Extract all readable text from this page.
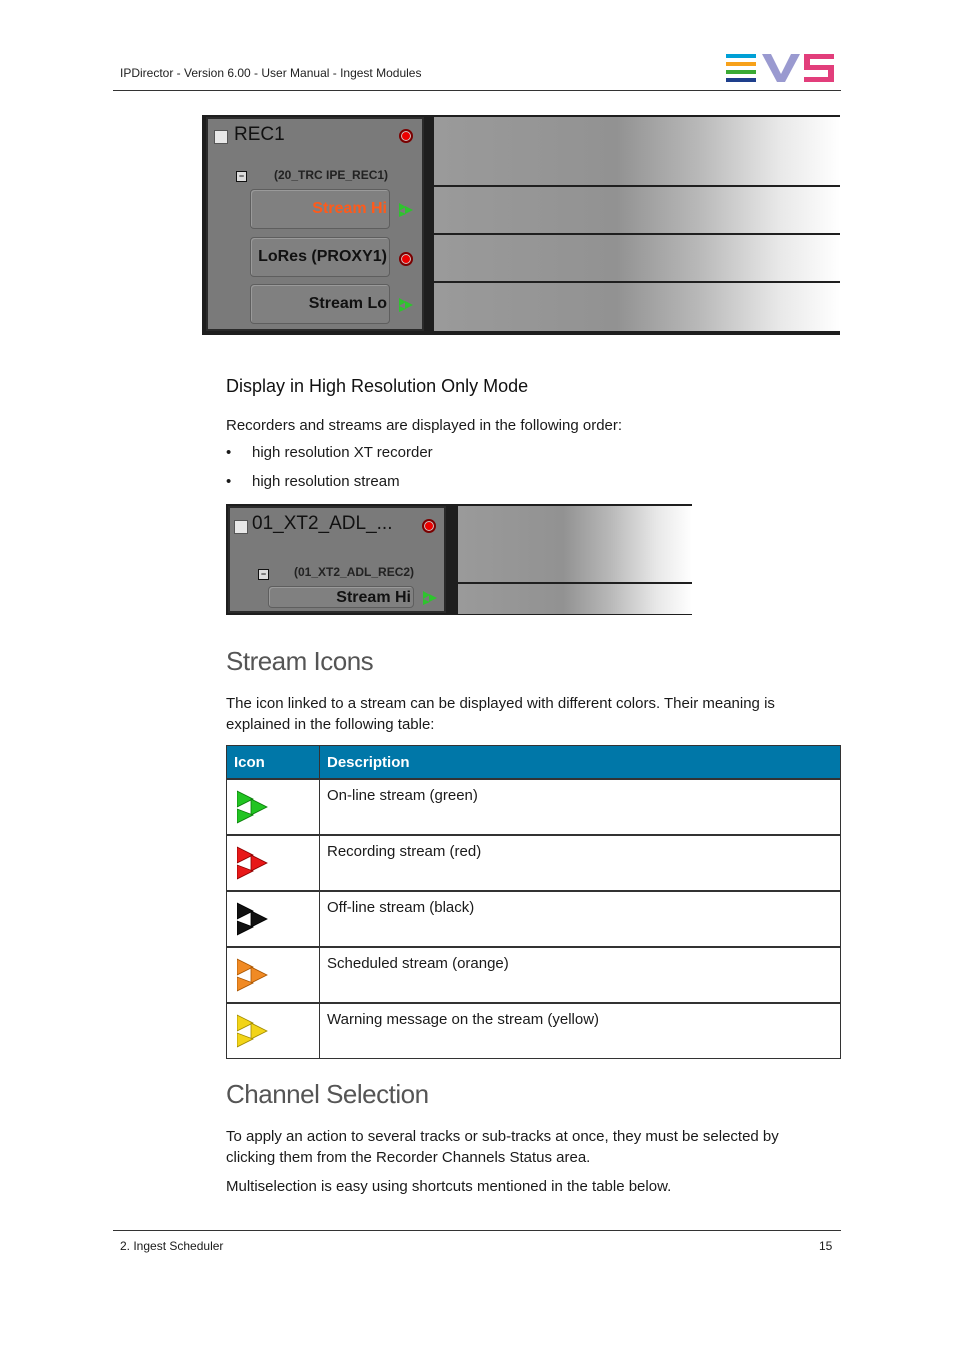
IPDirector - Version 6.00 - User Manual - Ingest Modules
REC1
− (20_TRC IPE_REC1)
Stream Hi
LoRes (PROXY1)
Stream Lo
Display in High Resolution Only Mode
Recorders and streams are displayed in the following order:
• high resolution XT recorder
• high resolution stream
01_XT2_ADL_...
− (01_XT2_ADL_REC2)
Stream Hi
Stream Icons
The icon linked to a stream can be displayed with different colors. Their meaning is
explained in the following table:
Icon	Description

	On-line stream (green)

	Recording stream (red)

	Off-line stream (black)

	Scheduled stream (orange)

	Warning message on the stream (yellow)
Channel Selection
To apply an action to several tracks or sub-tracks at once, they must be selected by
clicking them from the Recorder Channels Status area.
Multiselection is easy using shortcuts mentioned in the table below.
2. Ingest Scheduler	15
